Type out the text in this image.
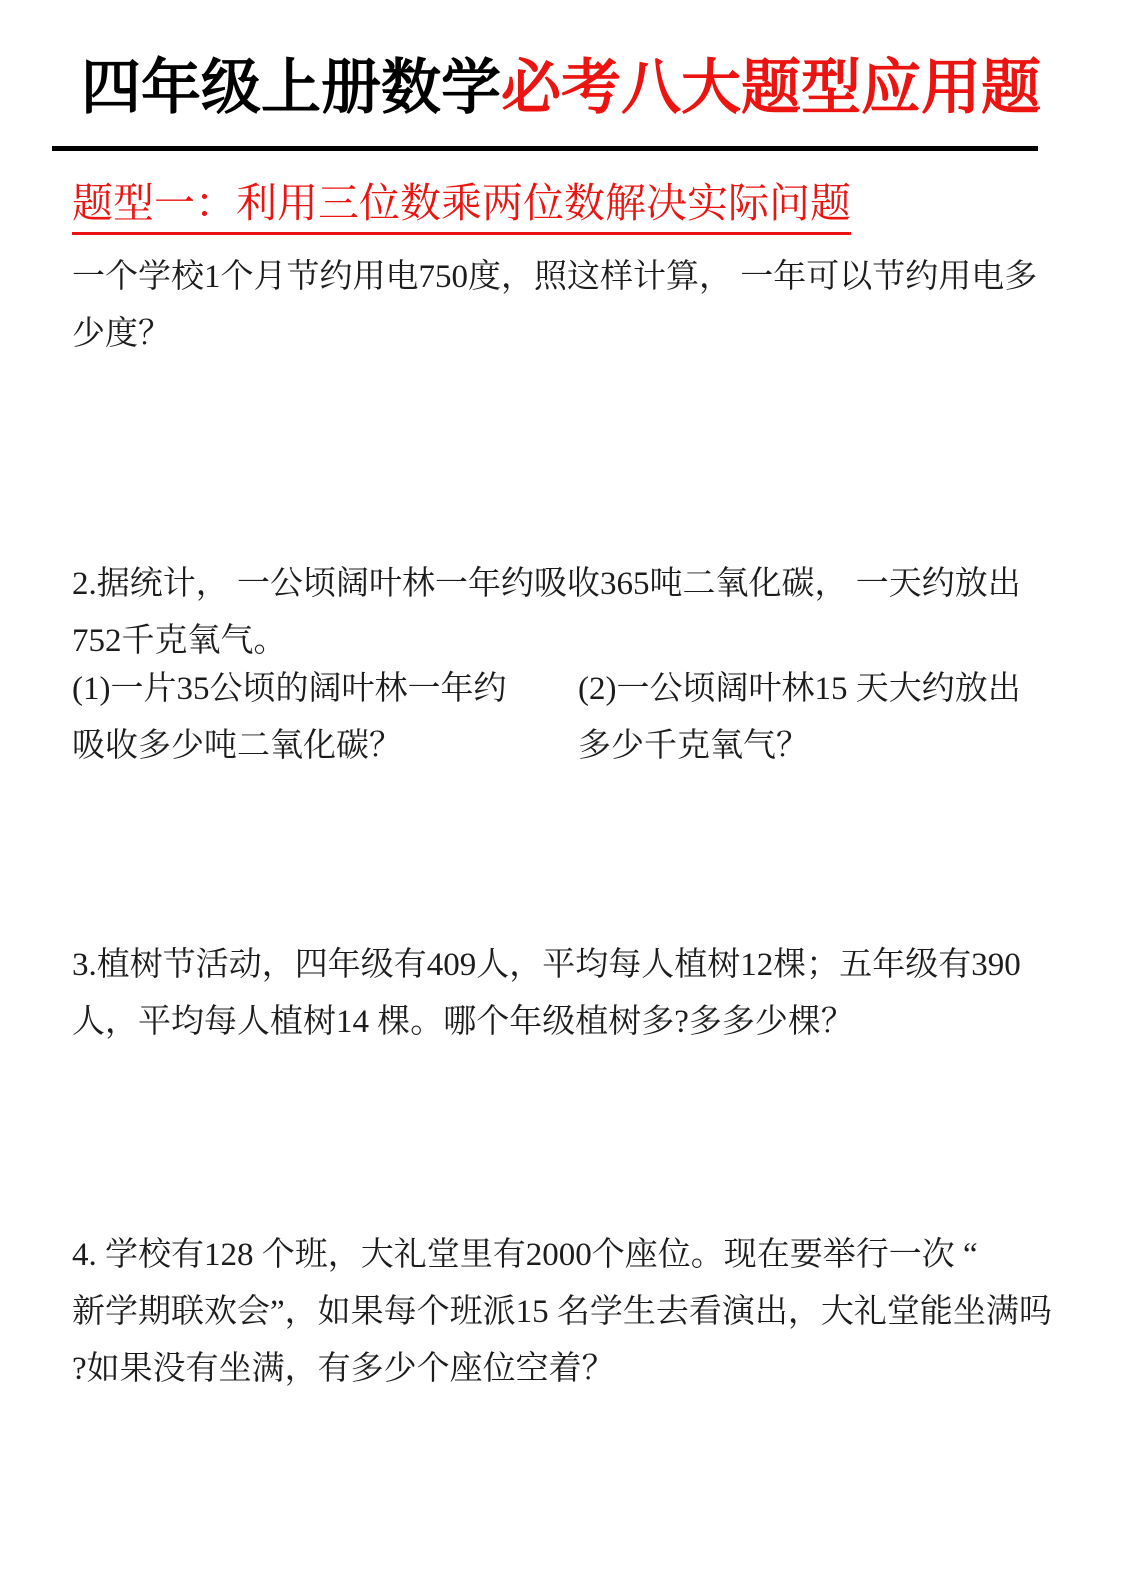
四年级上册数学必考八大题型应用题
题型一：利用三位数乘两位数解决实际问题
一个学校1个月节约用电750度，照这样计算， 一年可以节约用电多
少度？
2.据统计， 一公顷阔叶林一年约吸收365吨二氧化碳， 一天约放出
752千克氧气。
(1)一片35公顷的阔叶林一年约
吸收多少吨二氧化碳？
(2)一公顷阔叶林15 天大约放出
多少千克氧气？
3.植树节活动，四年级有409人，平均每人植树12棵；五年级有390
人，平均每人植树14 棵。哪个年级植树多?多多少棵？
4. 学校有128 个班，大礼堂里有2000个座位。现在要举行一次 “
新学期联欢会”，如果每个班派15 名学生去看演出，大礼堂能坐满吗
?如果没有坐满，有多少个座位空着？
